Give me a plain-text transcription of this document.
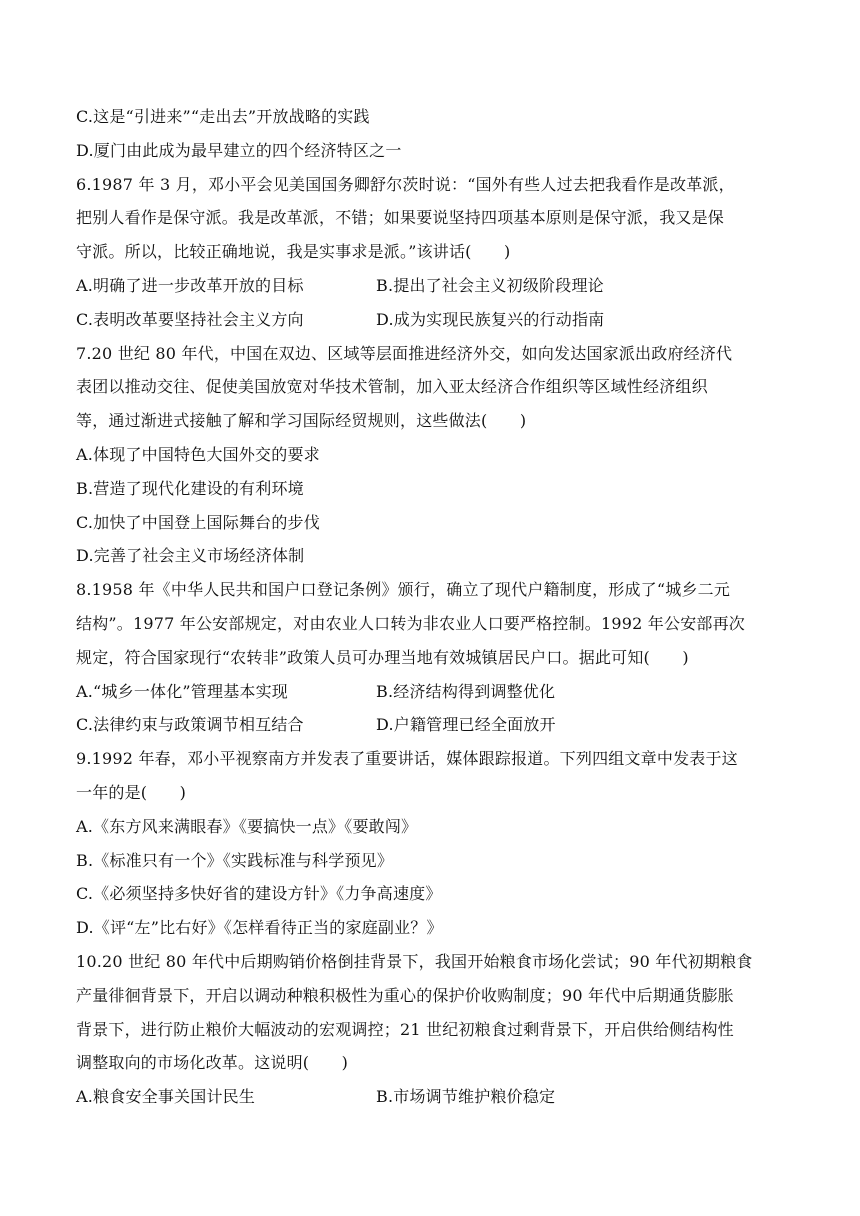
C.这是“引进来”“走出去”开放战略的实践
D.厦门由此成为最早建立的四个经济特区之一
6.1987 年 3 月，邓小平会见美国国务卿舒尔茨时说：“国外有些人过去把我看作是改革派，
把别人看作是保守派。我是改革派，不错；如果要说坚持四项基本原则是保守派，我又是保
守派。所以，比较正确地说，我是实事求是派。”该讲话(　　)
A.明确了进一步改革开放的目标	B.提出了社会主义初级阶段理论
C.表明改革要坚持社会主义方向	D.成为实现民族复兴的行动指南
7.20 世纪 80 年代，中国在双边、区域等层面推进经济外交，如向发达国家派出政府经济代
表团以推动交往、促使美国放宽对华技术管制，加入亚太经济合作组织等区域性经济组织
等，通过渐进式接触了解和学习国际经贸规则，这些做法(　　)
A.体现了中国特色大国外交的要求
B.营造了现代化建设的有利环境
C.加快了中国登上国际舞台的步伐
D.完善了社会主义市场经济体制
8.1958 年《中华人民共和国户口登记条例》颁行，确立了现代户籍制度，形成了“城乡二元
结构”。1977 年公安部规定，对由农业人口转为非农业人口要严格控制。1992 年公安部再次
规定，符合国家现行“农转非”政策人员可办理当地有效城镇居民户口。据此可知(　　)
A.“城乡一体化”管理基本实现	B.经济结构得到调整优化
C.法律约束与政策调节相互结合	D.户籍管理已经全面放开
9.1992 年春，邓小平视察南方并发表了重要讲话，媒体跟踪报道。下列四组文章中发表于这
一年的是(　　)
A.《东方风来满眼春》《要搞快一点》《要敢闯》
B.《标准只有一个》《实践标准与科学预见》
C.《必须坚持多快好省的建设方针》《力争高速度》
D.《评“左”比右好》《怎样看待正当的家庭副业？》
10.20 世纪 80 年代中后期购销价格倒挂背景下，我国开始粮食市场化尝试；90 年代初期粮食
产量徘徊背景下，开启以调动种粮积极性为重心的保护价收购制度；90 年代中后期通货膨胀
背景下，进行防止粮价大幅波动的宏观调控；21 世纪初粮食过剩背景下，开启供给侧结构性
调整取向的市场化改革。这说明(　　)
A.粮食安全事关国计民生	B.市场调节维护粮价稳定
